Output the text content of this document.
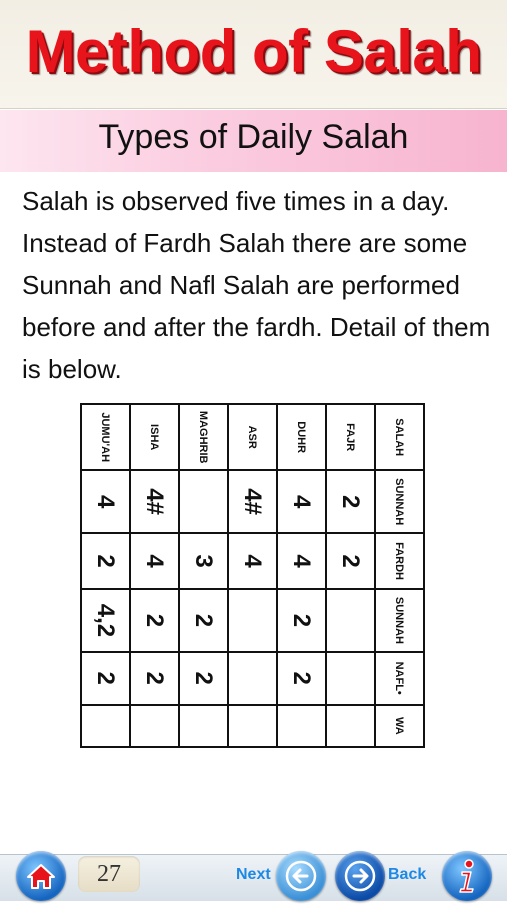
Method of Salah
Types of Daily Salah
Salah is observed five times in a day. Instead of Fardh Salah there are some Sunnah and Nafl Salah are performed before and after the fardh. Detail of them is below.
SALAH	SUNNAH	FARDH	SUNNAH	NAFL•	WA
FAJR	2	2			
DUHR	4	4	2	2	
ASR	4#	4			
MAGHRIB		3	2	2	
ISHA	4#	4	2	2	
JUMU'AH	4	2	4,2	2	
27	Next	Back
